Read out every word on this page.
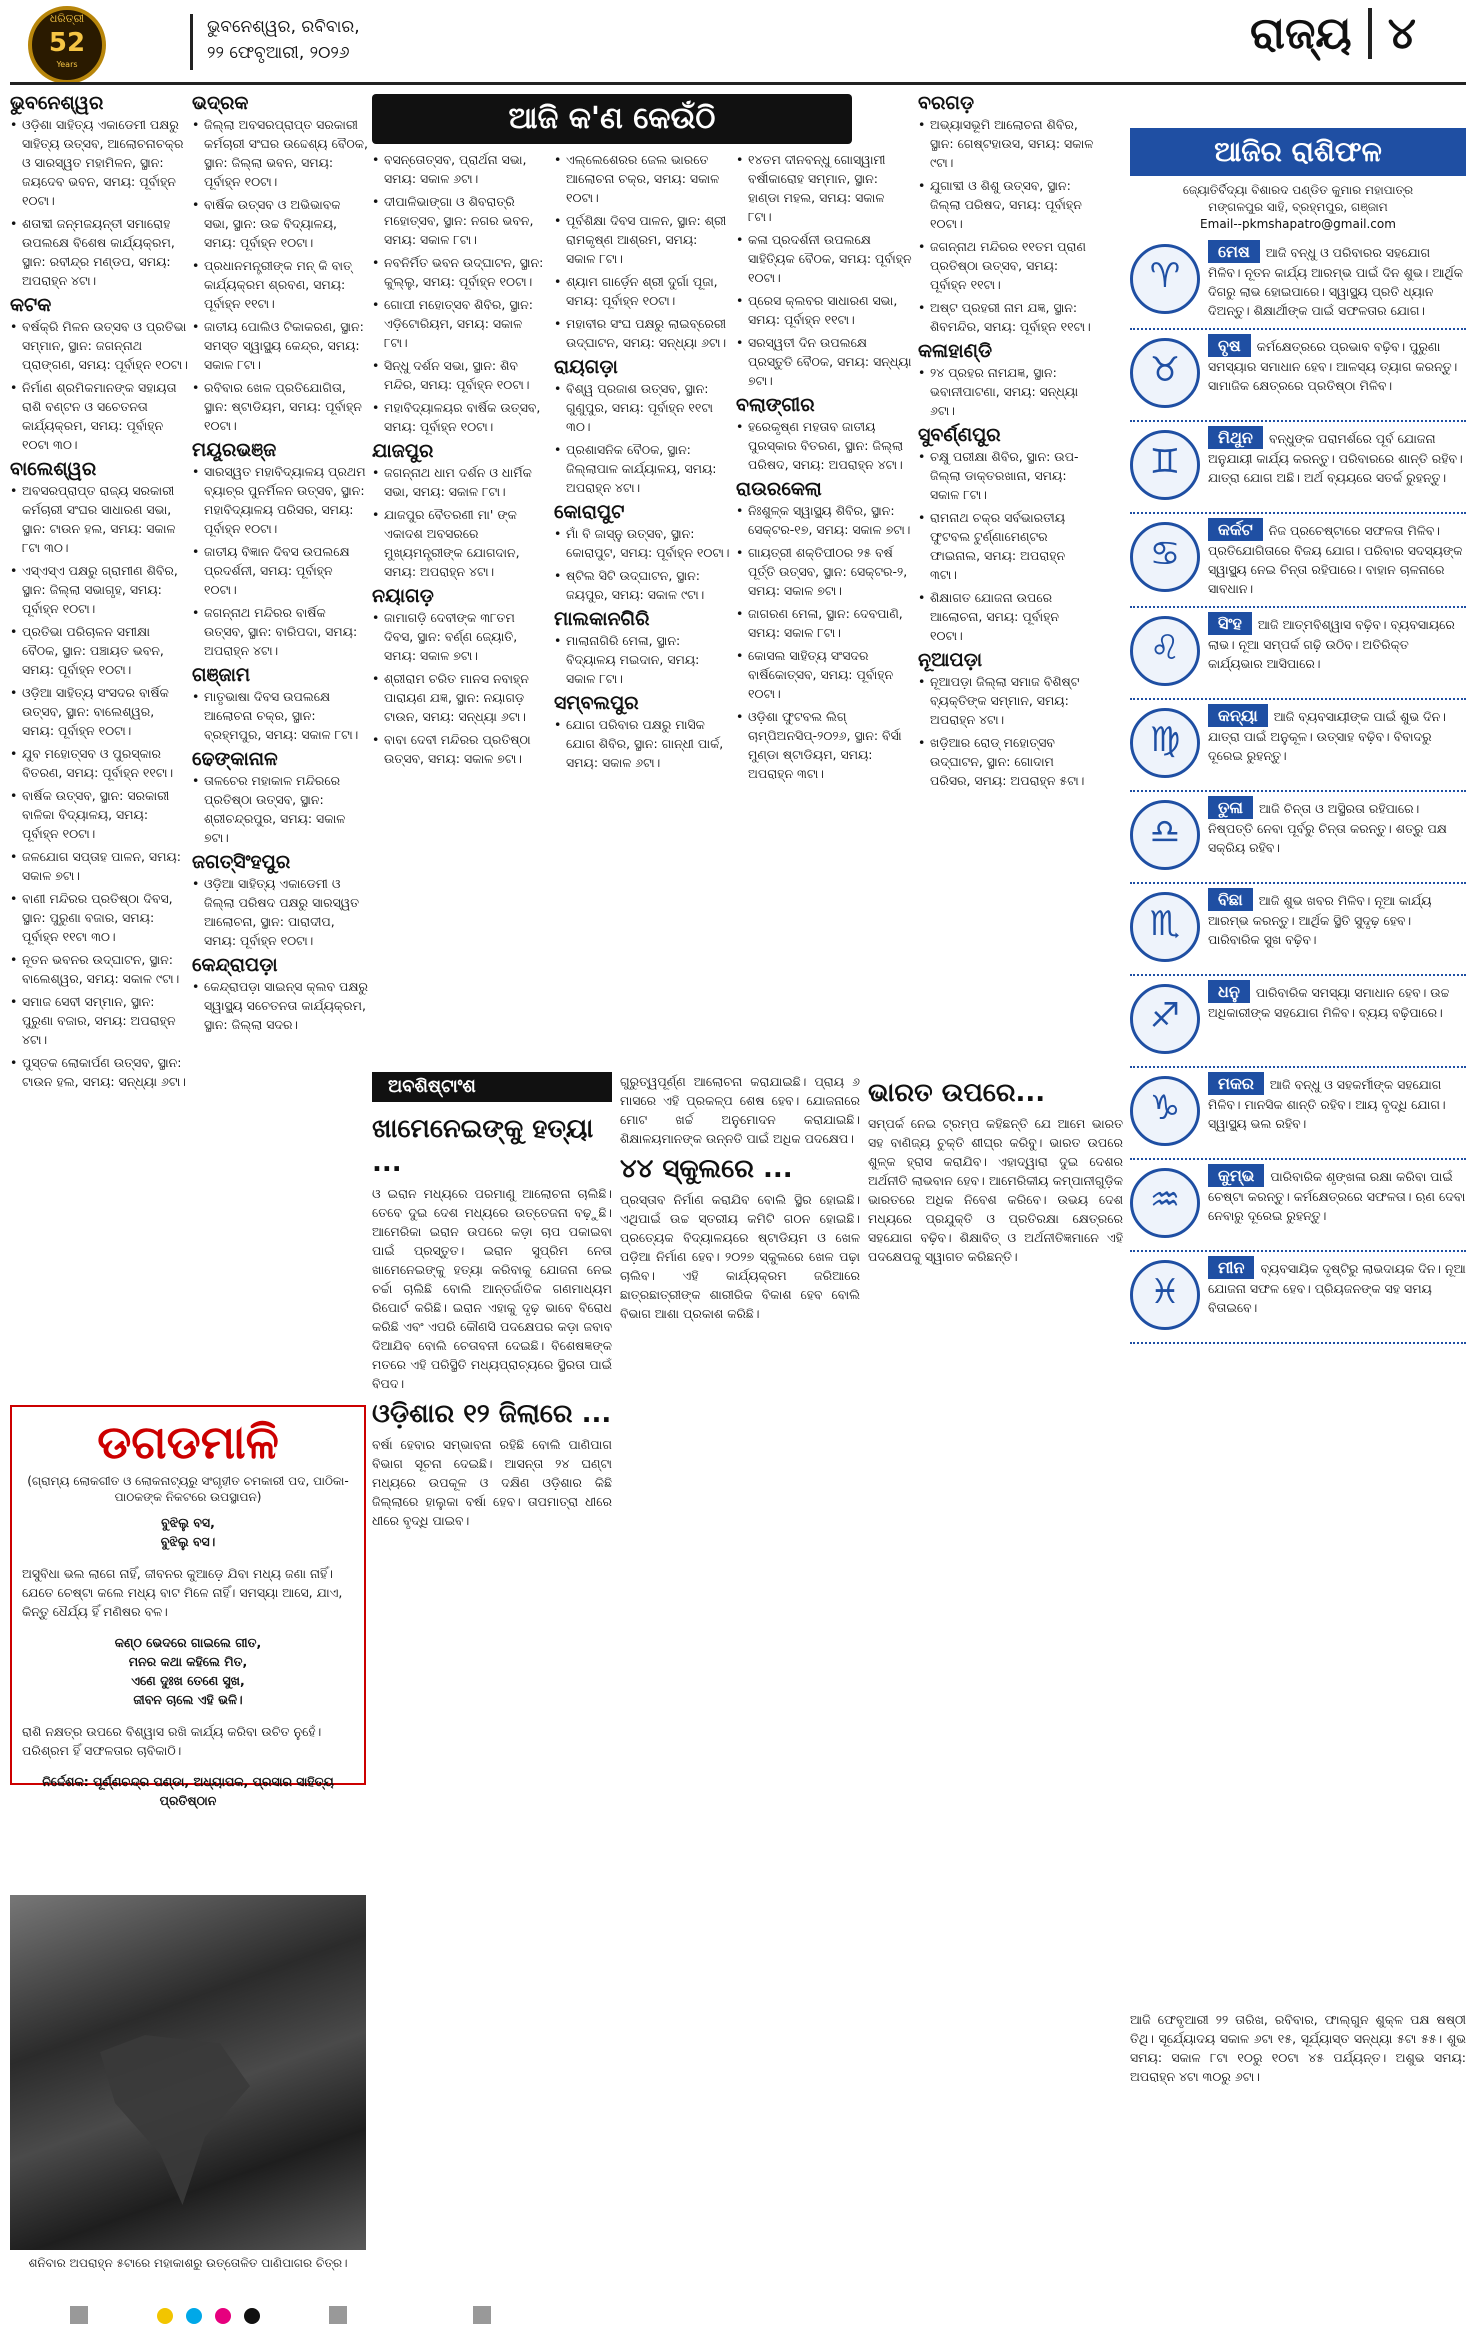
ଧରିତ୍ରୀ
52
Years
ଭୁବନେଶ୍ୱର, ରବିବାର,
୨୨ ଫେବୃଆରୀ, ୨୦୨୬	ରାଜ୍ୟ ୪
ଆଜି କ'ଣ କେଉଁଠି
ଭୁବନେଶ୍ୱର
• ଓଡ଼ିଶା ସାହିତ୍ୟ ଏକାଡେମୀ ପକ୍ଷରୁ ସାହିତ୍ୟ ଉତ୍ସବ, ଆଲୋଚନାଚକ୍ର ଓ ସାରସ୍ୱତ ମହାମିଳନ, ସ୍ଥାନ: ଜୟଦେବ ଭବନ, ସମୟ: ପୂର୍ବାହ୍ନ ୧୦ଟା।
• ଶତାବ୍ଦୀ ଜନ୍ମଜୟନ୍ତୀ ସମାରୋହ ଉପଲକ୍ଷେ ବିଶେଷ କାର୍ଯ୍ୟକ୍ରମ, ସ୍ଥାନ: ରବୀନ୍ଦ୍ର ମଣ୍ଡପ, ସମୟ: ଅପରାହ୍ନ ୪ଟା।
କଟକ
• ବର୍ଷକ୍ରି ମିଳନ ଉତ୍ସବ ଓ ପ୍ରତିଭା ସମ୍ମାନ, ସ୍ଥାନ: ଜଗନ୍ନାଥ ପ୍ରାଙ୍ଗଣ, ସମୟ: ପୂର୍ବାହ୍ନ ୧୦ଟା।
• ନିର୍ମାଣ ଶ୍ରମିକମାନଙ୍କ ସହାୟତା ରାଶି ବଣ୍ଟନ ଓ ସଚେତନତା କାର୍ଯ୍ୟକ୍ରମ, ସମୟ: ପୂର୍ବାହ୍ନ ୧୦ଟା ୩୦।
ବାଲେଶ୍ୱର
• ଅବସରପ୍ରାପ୍ତ ରାଜ୍ୟ ସରକାରୀ କର୍ମଚାରୀ ସଂଘର ସାଧାରଣ ସଭା, ସ୍ଥାନ: ଟାଉନ ହଲ, ସମୟ: ସକାଳ ୮ଟା ୩୦।
• ଏସ୍ଏସ୍ଏ ପକ୍ଷରୁ ଗ୍ରାମୀଣ ଶିବିର, ସ୍ଥାନ: ଜିଲ୍ଲା ସଭାଗୃହ, ସମୟ: ପୂର୍ବାହ୍ନ ୧୦ଟା।
• ପ୍ରତିଭା ପରିଚାଳନ ସମୀକ୍ଷା ବୈଠକ, ସ୍ଥାନ: ପଞ୍ଚାୟତ ଭବନ, ସମୟ: ପୂର୍ବାହ୍ନ ୧୦ଟା।
• ଓଡ଼ିଆ ସାହିତ୍ୟ ସଂସଦର ବାର୍ଷିକ ଉତ୍ସବ, ସ୍ଥାନ: ବାଲେଶ୍ୱର, ସମୟ: ପୂର୍ବାହ୍ନ ୧୦ଟା।
• ଯୁବ ମହୋତ୍ସବ ଓ ପୁରସ୍କାର ବିତରଣ, ସମୟ: ପୂର୍ବାହ୍ନ ୧୧ଟା।
• ବାର୍ଷିକ ଉତ୍ସବ, ସ୍ଥାନ: ସରକାରୀ ବାଳିକା ବିଦ୍ୟାଳୟ, ସମୟ: ପୂର୍ବାହ୍ନ ୧୦ଟା।
• ଜଳଯୋଗ ସପ୍ତାହ ପାଳନ, ସମୟ: ସକାଳ ୭ଟା।
• ବାଣୀ ମନ୍ଦିରର ପ୍ରତିଷ୍ଠା ଦିବସ, ସ୍ଥାନ: ପୁରୁଣା ବଜାର, ସମୟ: ପୂର୍ବାହ୍ନ ୧୧ଟା ୩୦।
• ନୂତନ ଭବନର ଉଦ୍‌ଘାଟନ, ସ୍ଥାନ: ବାଲେଶ୍ୱର, ସମୟ: ସକାଳ ୯ଟା।
• ସମାଜ ସେବୀ ସମ୍ମାନ, ସ୍ଥାନ: ପୁରୁଣା ବଜାର, ସମୟ: ଅପରାହ୍ନ ୪ଟା।
• ପୁସ୍ତକ ଲୋକାର୍ପଣ ଉତ୍ସବ, ସ୍ଥାନ: ଟାଉନ ହଲ, ସମୟ: ସନ୍ଧ୍ୟା ୬ଟା।
ଭଦ୍ରକ
• ଜିଲ୍ଲା ଅବସରପ୍ରାପ୍ତ ସରକାରୀ କର୍ମଚାରୀ ସଂଘର ଉଦ୍ଦେଶ୍ୟ ବୈଠକ, ସ୍ଥାନ: ଜିଲ୍ଲା ଭବନ, ସମୟ: ପୂର୍ବାହ୍ନ ୧୦ଟା।
• ବାର୍ଷିକ ଉତ୍ସବ ଓ ଅଭିଭାବକ ସଭା, ସ୍ଥାନ: ଉଚ୍ଚ ବିଦ୍ୟାଳୟ, ସମୟ: ପୂର୍ବାହ୍ନ ୧୦ଟା।
• ପ୍ରଧାନମନ୍ତ୍ରୀଙ୍କ ମନ୍ କି ବାତ୍ କାର୍ଯ୍ୟକ୍ରମ ଶ୍ରବଣ, ସମୟ: ପୂର୍ବାହ୍ନ ୧୧ଟା।
• ଜାତୀୟ ପୋଲିଓ ଟିକାକରଣ, ସ୍ଥାନ: ସମସ୍ତ ସ୍ୱାସ୍ଥ୍ୟ କେନ୍ଦ୍ର, ସମୟ: ସକାଳ ୮ଟା।
• ରବିବାର ଖେଳ ପ୍ରତିଯୋଗିତା, ସ୍ଥାନ: ଷ୍ଟାଡିୟମ, ସମୟ: ପୂର୍ବାହ୍ନ ୧୦ଟା।
ମୟୂରଭଞ୍ଜ
• ସାରସ୍ୱତ ମହାବିଦ୍ୟାଳୟ ପ୍ରଥମ ବ୍ୟାଚ୍‌ର ପୁନର୍ମିଳନ ଉତ୍ସବ, ସ୍ଥାନ: ମହାବିଦ୍ୟାଳୟ ପରିସର, ସମୟ: ପୂର୍ବାହ୍ନ ୧୦ଟା।
• ଜାତୀୟ ବିଜ୍ଞାନ ଦିବସ ଉପଲକ୍ଷେ ପ୍ରଦର୍ଶନୀ, ସମୟ: ପୂର୍ବାହ୍ନ ୧୦ଟା।
• ଜଗନ୍ନାଥ ମନ୍ଦିରର ବାର୍ଷିକ ଉତ୍ସବ, ସ୍ଥାନ: ବାରିପଦା, ସମୟ: ଅପରାହ୍ନ ୪ଟା।
ଗଞ୍ଜାମ
• ମାତୃଭାଷା ଦିବସ ଉପଲକ୍ଷେ ଆଲୋଚନା ଚକ୍ର, ସ୍ଥାନ: ବ୍ରହ୍ମପୁର, ସମୟ: ସକାଳ ୮ଟା।
ଢେଙ୍କାନାଳ
• ତାଳଚେର ମହାକାଳ ମନ୍ଦିରରେ ପ୍ରତିଷ୍ଠା ଉତ୍ସବ, ସ୍ଥାନ: ଶ୍ରୀଚନ୍ଦ୍ରପୁର, ସମୟ: ସକାଳ ୭ଟା।
ଜଗତ୍‌ସିଂହପୁର
• ଓଡ଼ିଆ ସାହିତ୍ୟ ଏକାଡେମୀ ଓ ଜିଲ୍ଲା ପରିଷଦ ପକ୍ଷରୁ ସାରସ୍ୱତ ଆଲୋଚନା, ସ୍ଥାନ: ପାରାଦୀପ, ସମୟ: ପୂର୍ବାହ୍ନ ୧୦ଟା।
କେନ୍ଦ୍ରାପଡ଼ା
• କେନ୍ଦ୍ରାପଡ଼ା ସାଇନ୍ସ କ୍ଲବ ପକ୍ଷରୁ ସ୍ୱାସ୍ଥ୍ୟ ସଚେତନତା କାର୍ଯ୍ୟକ୍ରମ, ସ୍ଥାନ: ଜିଲ୍ଲା ସଦର।
• ବସନ୍ତୋତ୍ସବ, ପ୍ରାର୍ଥନା ସଭା, ସମୟ: ସକାଳ ୬ଟା।
• ଦୀପାଳିଭାଙ୍ଗା ଓ ଶିବରାତ୍ରି ମହୋତ୍ସବ, ସ୍ଥାନ: ନଗର ଭବନ, ସମୟ: ସକାଳ ୮ଟା।
• ନବନିର୍ମିତ ଭବନ ଉଦ୍‌ଘାଟନ, ସ୍ଥାନ: କୁଲ୍ଲୁ, ସମୟ: ପୂର୍ବାହ୍ନ ୧୦ଟା।
• ଗୋପୀ ମହୋତ୍ସବ ଶିବିର, ସ୍ଥାନ: ଏଡ଼ିଟୋରିୟମ, ସମୟ: ସକାଳ ୮ଟା।
• ସିନ୍ଧୁ ଦର୍ଶନ ସଭା, ସ୍ଥାନ: ଶିବ ମନ୍ଦିର, ସମୟ: ପୂର୍ବାହ୍ନ ୧୦ଟା।
• ମହାବିଦ୍ୟାଳୟର ବାର୍ଷିକ ଉତ୍ସବ, ସମୟ: ପୂର୍ବାହ୍ନ ୧୦ଟା।
ଯାଜପୁର
• ଜଗନ୍ନାଥ ଧାମ ଦର୍ଶନ ଓ ଧାର୍ମିକ ସଭା, ସମୟ: ସକାଳ ୮ଟା।
• ଯାଜପୁର ବୈତରଣୀ ମା' ଙ୍କ ଏକାଦଶ ଅବସରରେ ମୁଖ୍ୟମନ୍ତ୍ରୀଙ୍କ ଯୋଗଦାନ, ସମୟ: ଅପରାହ୍ନ ୪ଟା।
ନୟାଗଡ଼
• ଜାମାଗଡ଼ି ଦେବୀଙ୍କ ୩୮ତମ ଦିବସ, ସ୍ଥାନ: ବର୍ଣ୍ଣ ଜ୍ୟୋତି, ସମୟ: ସକାଳ ୭ଟା।
• ଶ୍ରୀରାମ ଚରିତ ମାନସ ନବାହ୍ନ ପାରାୟଣ ଯଜ୍ଞ, ସ୍ଥାନ: ନୟାଗଡ଼ ଟାଉନ, ସମୟ: ସନ୍ଧ୍ୟା ୬ଟା।
• ବାବା ଦେବୀ ମନ୍ଦିରର ପ୍ରତିଷ୍ଠା ଉତ୍ସବ, ସମୟ: ସକାଳ ୭ଟା।
• ଏଲ୍ଲେଶେରର ଜେଲ ଭାରତେ ଆଲୋଚନା ଚକ୍ର, ସମୟ: ସକାଳ ୧୦ଟା।
• ପୂର୍ବଶିକ୍ଷା ଦିବସ ପାଳନ, ସ୍ଥାନ: ଶ୍ରୀ ରାମକୃଷ୍ଣ ଆଶ୍ରମ, ସମୟ: ସକାଳ ୮ଟା।
• ଶ୍ୟାମ ଗାର୍ଡ଼େନ ଶ୍ରୀ ଦୁର୍ଗା ପୂଜା, ସମୟ: ପୂର୍ବାହ୍ନ ୧୦ଟା।
• ମହାବୀର ସଂଘ ପକ୍ଷରୁ ଲାଇବ୍ରେରୀ ଉଦ୍‌ଘାଟନ, ସମୟ: ସନ୍ଧ୍ୟା ୬ଟା।
ରାୟଗଡ଼ା
• ବିଶ୍ୱ ପ୍ରଜାଶ ଉତ୍ସବ, ସ୍ଥାନ: ଗୁଣୁପୁର, ସମୟ: ପୂର୍ବାହ୍ନ ୧୧ଟା ୩୦।
• ପ୍ରଶାସନିକ ବୈଠକ, ସ୍ଥାନ: ଜିଲ୍ଲାପାଳ କାର୍ଯ୍ୟାଳୟ, ସମୟ: ଅପରାହ୍ନ ୪ଟା।
କୋରାପୁଟ
• ମାଁ ବି ଜାସ୍ନୁ ଉତ୍ସବ, ସ୍ଥାନ: କୋରାପୁଟ, ସମୟ: ପୂର୍ବାହ୍ନ ୧୦ଟା।
• ଷ୍ଟିଲ ସିଟି ଉଦ୍‌ଘାଟନ, ସ୍ଥାନ: ଜୟପୁର, ସମୟ: ସକାଳ ୯ଟା।
ମାଲକାନଗିରି
• ମାଲାନାଗିରି ମେଳା, ସ୍ଥାନ: ବିଦ୍ୟାଳୟ ମଇଦାନ, ସମୟ: ସକାଳ ୮ଟା।
ସମ୍ବଲପୁର
• ଯୋଗ ପରିବାର ପକ୍ଷରୁ ମାସିକ ଯୋଗ ଶିବିର, ସ୍ଥାନ: ଗାନ୍ଧୀ ପାର୍କ, ସମୟ: ସକାଳ ୬ଟା।
• ୧୪ତମ ଦୀନବନ୍ଧୁ ଗୋସ୍ୱାମୀ ବର୍ଷୀକାରୋହ ସମ୍ମାନ, ସ୍ଥାନ: ହାଣ୍ଡା ମହଲ, ସମୟ: ସକାଳ ୮ଟା।
• କଳା ପ୍ରଦର୍ଶନୀ ଉପଲକ୍ଷେ ସାହିତ୍ୟିକ ବୈଠକ, ସମୟ: ପୂର୍ବାହ୍ନ ୧୦ଟା।
• ପ୍ରେସ କ୍ଲବର ସାଧାରଣ ସଭା, ସମୟ: ପୂର୍ବାହ୍ନ ୧୧ଟା।
• ସରସ୍ୱତୀ ଦିନ ଉପଲକ୍ଷେ ପ୍ରସ୍ତୁତି ବୈଠକ, ସମୟ: ସନ୍ଧ୍ୟା ୭ଟା।
ବଲାଙ୍ଗୀର
• ହରେକୃଷ୍ଣ ମହତାବ ଜାତୀୟ ପୁରସ୍କାର ବିତରଣ, ସ୍ଥାନ: ଜିଲ୍ଲା ପରିଷଦ, ସମୟ: ଅପରାହ୍ନ ୪ଟା।
ରାଉରକେଲା
• ନିଃଶୁଳ୍କ ସ୍ୱାସ୍ଥ୍ୟ ଶିବିର, ସ୍ଥାନ: ସେକ୍ଟର-୧୭, ସମୟ: ସକାଳ ୭ଟା।
• ଗାୟତ୍ରୀ ଶକ୍ତିପୀଠର ୨୫ ବର୍ଷ ପୂର୍ତ୍ତି ଉତ୍ସବ, ସ୍ଥାନ: ସେକ୍ଟର-୨, ସମୟ: ସକାଳ ୭ଟା।
• ଜାଗରଣ ମେଳା, ସ୍ଥାନ: ଦେବପାଣି, ସମୟ: ସକାଳ ୮ଟା।
• କୋସଲ ସାହିତ୍ୟ ସଂସଦର ବାର୍ଷିକୋତ୍ସବ, ସମୟ: ପୂର୍ବାହ୍ନ ୧୦ଟା।
• ଓଡ଼ିଶା ଫୁଟବଲ ଲିଗ୍ ଚାମ୍ପିଅନସିପ୍-୨୦୨୬, ସ୍ଥାନ: ବିର୍ସା ମୁଣ୍ଡା ଷ୍ଟାଡିୟମ, ସମୟ: ଅପରାହ୍ନ ୩ଟା।
ବରଗଡ଼
• ଅଭ୍ୟାସଭୂମି ଆଲୋଚନା ଶିବିର, ସ୍ଥାନ: ଗେଷ୍ଟହାଉସ, ସମୟ: ସକାଳ ୯ଟା।
• ଯୁଗାବ୍ଦୀ ଓ ଶିଶୁ ଉତ୍ସବ, ସ୍ଥାନ: ଜିଲ୍ଲା ପରିଷଦ, ସମୟ: ପୂର୍ବାହ୍ନ ୧୦ଟା।
• ଜଗନ୍ନାଥ ମନ୍ଦିରର ୧୧ତମ ପ୍ରାଣ ପ୍ରତିଷ୍ଠା ଉତ୍ସବ, ସମୟ: ପୂର୍ବାହ୍ନ ୧୧ଟା।
• ଅଷ୍ଟ ପ୍ରହରୀ ନାମ ଯଜ୍ଞ, ସ୍ଥାନ: ଶିବମନ୍ଦିର, ସମୟ: ପୂର୍ବାହ୍ନ ୧୧ଟା।
କଳାହାଣ୍ଡି
• ୨୪ ପ୍ରହର ନାମଯଜ୍ଞ, ସ୍ଥାନ: ଭବାନୀପାଟଣା, ସମୟ: ସନ୍ଧ୍ୟା ୬ଟା।
ସୁବର୍ଣ୍ଣପୁର
• ଚକ୍ଷୁ ପରୀକ୍ଷା ଶିବିର, ସ୍ଥାନ: ଉପ-ଜିଲ୍ଲା ଡାକ୍ତରଖାନା, ସମୟ: ସକାଳ ୮ଟା।
• ରାମନାଥ ଚକ୍ର ସର୍ବଭାରତୀୟ ଫୁଟବଲ ଟୁର୍ଣ୍ଣାମେଣ୍ଟର ଫାଇନାଲ, ସମୟ: ଅପରାହ୍ନ ୩ଟା।
• ଶିକ୍ଷାଗତ ଯୋଜନା ଉପରେ ଆଲୋଚନା, ସମୟ: ପୂର୍ବାହ୍ନ ୧୦ଟା।
ନୂଆପଡ଼ା
• ନୂଆପଡ଼ା ଜିଲ୍ଲା ସମାଜ ବିଶିଷ୍ଟ ବ୍ୟକ୍ତିଙ୍କ ସମ୍ମାନ, ସମୟ: ଅପରାହ୍ନ ୪ଟା।
• ଖଡ଼ିଆର ରୋଡ୍ ମହୋତ୍ସବ ଉଦ୍‌ଘାଟନ, ସ୍ଥାନ: ଗୋଦାମ ପରିସର, ସମୟ: ଅପରାହ୍ନ ୫ଟା।
ଆଜିର ରାଶିଫଳ
ଜ୍ୟୋତିର୍ବିଦ୍ୟା ବିଶାରଦ ପଣ୍ଡିତ କୁମାର ମହାପାତ୍ର
ମଙ୍ଗଳପୁର ସାହି, ବ୍ରହ୍ମପୁର, ଗଞ୍ଜାମ
Email--pkmshapatro@gmail.com
♈
ମେଷ ଆଜି ବନ୍ଧୁ ଓ ପରିବାରର ସହଯୋଗ ମିଳିବ। ନୂତନ କାର୍ଯ୍ୟ ଆରମ୍ଭ ପାଇଁ ଦିନ ଶୁଭ। ଆର୍ଥିକ ଦିଗରୁ ଲାଭ ହୋଇପାରେ। ସ୍ୱାସ୍ଥ୍ୟ ପ୍ରତି ଧ୍ୟାନ ଦିଅନ୍ତୁ। ଶିକ୍ଷାର୍ଥୀଙ୍କ ପାଇଁ ସଫଳତାର ଯୋଗ।
♉
ବୃଷ କର୍ମକ୍ଷେତ୍ରରେ ପ୍ରଭାବ ବଢ଼ିବ। ପୁରୁଣା ସମସ୍ୟାର ସମାଧାନ ହେବ। ଆଳସ୍ୟ ତ୍ୟାଗ କରନ୍ତୁ। ସାମାଜିକ କ୍ଷେତ୍ରରେ ପ୍ରତିଷ୍ଠା ମିଳିବ।
♊
ମିଥୁନ ବନ୍ଧୁଙ୍କ ପରାମର୍ଶରେ ପୂର୍ବ ଯୋଜନା ଅନୁଯାୟୀ କାର୍ଯ୍ୟ କରନ୍ତୁ। ପରିବାରରେ ଶାନ୍ତି ରହିବ। ଯାତ୍ରା ଯୋଗ ଅଛି। ଅର୍ଥ ବ୍ୟୟରେ ସତର୍କ ରୁହନ୍ତୁ।
♋
କର୍କଟ ନିଜ ପ୍ରଚେଷ୍ଟାରେ ସଫଳତା ମିଳିବ। ପ୍ରତିଯୋଗିତାରେ ବିଜୟ ଯୋଗ। ପରିବାର ସଦସ୍ୟଙ୍କ ସ୍ୱାସ୍ଥ୍ୟ ନେଇ ଚିନ୍ତା ରହିପାରେ। ବାହାନ ଚାଳନାରେ ସାବଧାନ।
♌
ସିଂହ ଆଜି ଆତ୍ମବିଶ୍ୱାସ ବଢ଼ିବ। ବ୍ୟବସାୟରେ ଲାଭ। ନୂଆ ସମ୍ପର୍କ ଗଢ଼ି ଉଠିବ। ଅତିରିକ୍ତ କାର୍ଯ୍ୟଭାର ଆସିପାରେ।
♍
କନ୍ୟା ଆଜି ବ୍ୟବସାୟୀଙ୍କ ପାଇଁ ଶୁଭ ଦିନ। ଯାତ୍ରା ପାଇଁ ଅନୁକୂଳ। ଉତ୍ସାହ ବଢ଼ିବ। ବିବାଦରୁ ଦୂରେଇ ରୁହନ୍ତୁ।
♎
ତୁଳା ଆଜି ଚିନ୍ତା ଓ ଅସ୍ଥିରତା ରହିପାରେ। ନିଷ୍ପତ୍ତି ନେବା ପୂର୍ବରୁ ଚିନ୍ତା କରନ୍ତୁ। ଶତ୍ରୁ ପକ୍ଷ ସକ୍ରିୟ ରହିବ।
♏
ବିଛା ଆଜି ଶୁଭ ଖବର ମିଳିବ। ନୂଆ କାର୍ଯ୍ୟ ଆରମ୍ଭ କରନ୍ତୁ। ଆର୍ଥିକ ସ୍ଥିତି ସୁଦୃଢ଼ ହେବ। ପାରିବାରିକ ସୁଖ ବଢ଼ିବ।
♐
ଧନୁ ପାରିବାରିକ ସମସ୍ୟା ସମାଧାନ ହେବ। ଉଚ୍ଚ ଅଧିକାରୀଙ୍କ ସହଯୋଗ ମିଳିବ। ବ୍ୟୟ ବଢ଼ିପାରେ।
♑
ମକର ଆଜି ବନ୍ଧୁ ଓ ସହକର୍ମୀଙ୍କ ସହଯୋଗ ମିଳିବ। ମାନସିକ ଶାନ୍ତି ରହିବ। ଆୟ ବୃଦ୍ଧି ଯୋଗ। ସ୍ୱାସ୍ଥ୍ୟ ଭଲ ରହିବ।
♒
କୁମ୍ଭ ପାରିବାରିକ ଶୃଙ୍ଖଳା ରକ୍ଷା କରିବା ପାଇଁ ଚେଷ୍ଟା କରନ୍ତୁ। କର୍ମକ୍ଷେତ୍ରରେ ସଫଳତା। ଋଣ ଦେବା ନେବାରୁ ଦୂରେଇ ରୁହନ୍ତୁ।
♓
ମୀନ ବ୍ୟବସାୟିକ ଦୃଷ୍ଟିରୁ ଲାଭଦାୟକ ଦିନ। ନୂଆ ଯୋଜନା ସଫଳ ହେବ। ପ୍ରିୟଜନଙ୍କ ସହ ସମୟ ବିତାଇବେ।
ଆଜି ଫେବୃଆରୀ ୨୨ ତାରିଖ, ରବିବାର, ଫାଲ୍ଗୁନ ଶୁକ୍ଳ ପକ୍ଷ ଷଷ୍ଠୀ ତିଥି। ସୂର୍ଯ୍ୟୋଦୟ ସକାଳ ୬ଟା ୧୫, ସୂର୍ଯ୍ୟାସ୍ତ ସନ୍ଧ୍ୟା ୫ଟା ୫୫। ଶୁଭ ସମୟ: ସକାଳ ୮ଟା ୧୦ରୁ ୧୦ଟା ୪୫ ପର୍ଯ୍ୟନ୍ତ। ଅଶୁଭ ସମୟ: ଅପରାହ୍ନ ୪ଟା ୩୦ରୁ ୬ଟା।
ଡଗଡମାଳି
(ଗ୍ରାମ୍ୟ ଲୋକଗୀତ ଓ ଲୋକନାଟ୍ୟରୁ ସଂଗୃହୀତ ଚମକାରୀ ପଦ, ପାଠିକା-ପାଠକଙ୍କ ନିକଟରେ ଉପସ୍ଥାପନ)
ବୁଝିଲୁ ବସ,
ବୁଝିଲୁ ବସ।

ଅସୁବିଧା ଭଲ ଲାଗେ ନାହିଁ, ଜୀବନର କୁଆଡ଼େ ଯିବା ମଧ୍ୟ ଜଣା ନାହିଁ। ଯେତେ ଚେଷ୍ଟା କଲେ ମଧ୍ୟ ବାଟ ମିଳେ ନାହିଁ। ସମସ୍ୟା ଆସେ, ଯାଏ, କିନ୍ତୁ ଧୈର୍ଯ୍ୟ ହିଁ ମଣିଷର ବଳ।

କଣ୍ଠ ଭେଦରେ ଗାଇଲେ ଗୀତ,
ମନର କଥା କହିଲେ ମିତ,
ଏଣେ ଦୁଃଖ ତେଣେ ସୁଖ,
ଜୀବନ ଚାଲେ ଏହି ଭଳି।

ରାଶି ନକ୍ଷତ୍ର ଉପରେ ବିଶ୍ୱାସ ରଖି କାର୍ଯ୍ୟ କରିବା ଉଚିତ ନୁହେଁ। ପରିଶ୍ରମ ହିଁ ସଫଳତାର ଚାବିକାଠି।

ନିର୍ଦ୍ଦେଶକ: ପୂର୍ଣ୍ଣଚନ୍ଦ୍ର ପଣ୍ଡା, ଅଧ୍ୟାପକ, ପ୍ରସାର ସାହିତ୍ୟ ପ୍ରତିଷ୍ଠାନ
ଶନିବାର ଅପରାହ୍ନ ୫ଟାରେ ମହାକାଶରୁ ଉତ୍ତୋଳିତ ପାଣିପାଗର ଚିତ୍ର।
ଅବଶିଷ୍ଟାଂଶ
ଖାମେନେଇଙ୍କୁ ହତ୍ୟା ...
ଓ ଇରାନ ମଧ୍ୟରେ ପରମାଣୁ ଆଲୋଚନା ଚାଲିଛି। ତେବେ ଦୁଇ ଦେଶ ମଧ୍ୟରେ ଉତ୍ତେଜନା ବଢ଼ୁଛି। ଆମେରିକା ଇରାନ ଉପରେ କଡ଼ା ଚାପ ପକାଇବା ପାଇଁ ପ୍ରସ୍ତୁତ। ଇରାନ ସୁପ୍ରିମ ନେତା ଖାମେନେଇଙ୍କୁ ହତ୍ୟା କରିବାକୁ ଯୋଜନା ନେଇ ଚର୍ଚ୍ଚା ଚାଲିଛି ବୋଲି ଆନ୍ତର୍ଜାତିକ ଗଣମାଧ୍ୟମ ରିପୋର୍ଟ କରିଛି। ଇରାନ ଏହାକୁ ଦୃଢ଼ ଭାବେ ବିରୋଧ କରିଛି ଏବଂ ଏପରି କୌଣସି ପଦକ୍ଷେପର କଡ଼ା ଜବାବ ଦିଆଯିବ ବୋଲି ଚେତାବନୀ ଦେଇଛି। ବିଶେଷଜ୍ଞଙ୍କ ମତରେ ଏହି ପରିସ୍ଥିତି ମଧ୍ୟପ୍ରାଚ୍ୟରେ ସ୍ଥିରତା ପାଇଁ ବିପଦ।
ଓଡ଼ିଶାର ୧୨ ଜିଲାରେ ...
ବର୍ଷା ହେବାର ସମ୍ଭାବନା ରହିଛି ବୋଲି ପାଣିପାଗ ବିଭାଗ ସୂଚନା ଦେଇଛି। ଆସନ୍ତା ୨୪ ଘଣ୍ଟା ମଧ୍ୟରେ ଉପକୂଳ ଓ ଦକ୍ଷିଣ ଓଡ଼ିଶାର କିଛି ଜିଲ୍ଲାରେ ହାଲୁକା ବର୍ଷା ହେବ। ତାପମାତ୍ରା ଧୀରେ ଧୀରେ ବୃଦ୍ଧି ପାଇବ।
ଗୁରୁତ୍ୱପୂର୍ଣ୍ଣ ଆଲୋଚନା କରାଯାଇଛି। ପ୍ରାୟ ୬ ମାସରେ ଏହି ପ୍ରକଳ୍ପ ଶେଷ ହେବ। ଯୋଜନାରେ ମୋଟ ଖର୍ଚ୍ଚ ଅନୁମୋଦନ କରାଯାଇଛି। ଶିକ୍ଷାଳୟମାନଙ୍କ ଉନ୍ନତି ପାଇଁ ଅଧିକ ପଦକ୍ଷେପ।
୪୪ ସ୍କୁଲରେ ...
ପ୍ରସ୍ତାବ ନିର୍ମାଣ କରାଯିବ ବୋଲି ସ୍ଥିର ହୋଇଛି। ଏଥିପାଇଁ ଉଚ୍ଚ ସ୍ତରୀୟ କମିଟି ଗଠନ ହୋଇଛି। ପ୍ରତ୍ୟେକ ବିଦ୍ୟାଳୟରେ ଷ୍ଟାଡିୟମ ଓ ଖେଳ ପଡ଼ିଆ ନିର୍ମାଣ ହେବ। ୨୦୨୭ ସ୍କୁଲରେ ଖେଳ ପଢ଼ା ଚାଲିବ। ଏହି କାର୍ଯ୍ୟକ୍ରମ ଜରିଆରେ ଛାତ୍ରଛାତ୍ରୀଙ୍କ ଶାରୀରିକ ବିକାଶ ହେବ ବୋଲି ବିଭାଗ ଆଶା ପ୍ରକାଶ କରିଛି।
ଭାରତ ଉପରେ...
ସମ୍ପର୍କ ନେଇ ଟ୍ରମ୍ପ କହିଛନ୍ତି ଯେ ଆମେ ଭାରତ ସହ ବାଣିଜ୍ୟ ଚୁକ୍ତି ଶୀଘ୍ର କରିବୁ। ଭାରତ ଉପରେ ଶୁଳ୍କ ହ୍ରାସ କରାଯିବ। ଏହାଦ୍ୱାରା ଦୁଇ ଦେଶର ଅର୍ଥନୀତି ଲାଭବାନ ହେବ। ଆମେରିକୀୟ କମ୍ପାନୀଗୁଡ଼ିକ ଭାରତରେ ଅଧିକ ନିବେଶ କରିବେ। ଉଭୟ ଦେଶ ମଧ୍ୟରେ ପ୍ରଯୁକ୍ତି ଓ ପ୍ରତିରକ୍ଷା କ୍ଷେତ୍ରରେ ସହଯୋଗ ବଢ଼ିବ। ଶିକ୍ଷାବିତ୍ ଓ ଅର୍ଥନୀତିଜ୍ଞମାନେ ଏହି ପଦକ୍ଷେପକୁ ସ୍ୱାଗତ କରିଛନ୍ତି।
